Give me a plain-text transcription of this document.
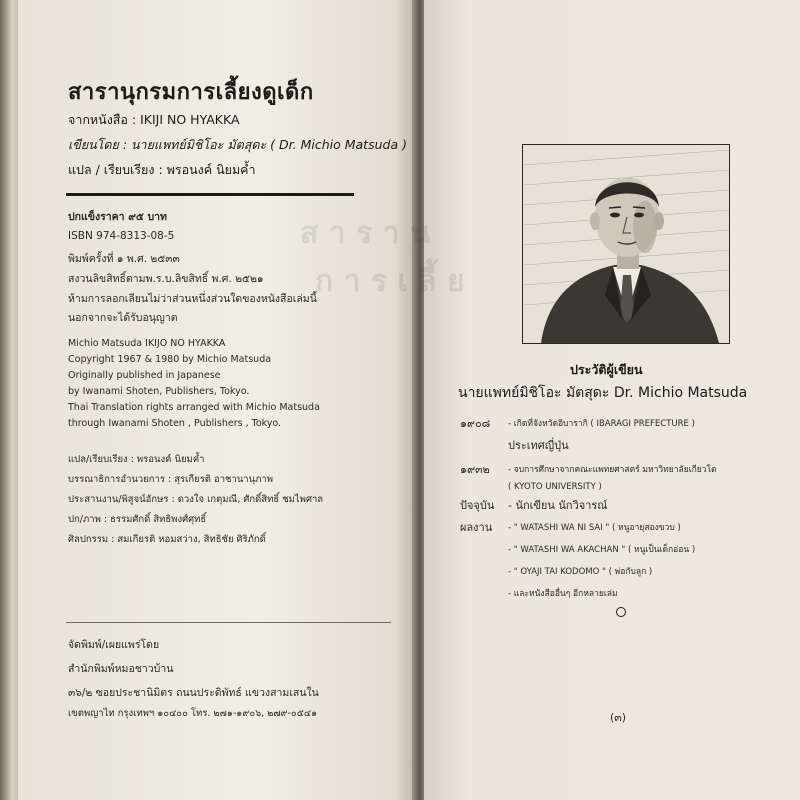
ส า ร า น
ก า ร เ ลี้ ย
สารานุกรมการเลี้ยงดูเด็ก
จากหนังสือ : IKIJI NO HYAKKA
เขียนโดย : นายแพทย์มิชิโอะ มัตสุดะ ( Dr. Michio Matsuda )
แปล / เรียบเรียง : พรอนงค์ นิยมค้ำ
ปกแข็งราคา ๙๕ บาท
ISBN 974-8313-08-5
พิมพ์ครั้งที่ ๑ พ.ศ. ๒๕๓๓
สงวนลิขสิทธิ์ตามพ.ร.บ.ลิขสิทธิ์ พ.ศ. ๒๕๒๑
ห้ามการลอกเลียนไม่ว่าส่วนหนึ่งส่วนใดของหนังสือเล่มนี้
นอกจากจะได้รับอนุญาต
Michio Matsuda IKIJO NO HYAKKA
Copyright 1967 & 1980 by Michio Matsuda
Originally published in Japanese
by Iwanami Shoten, Publishers, Tokyo.
Thai Translation rights arranged with Michio Matsuda
through Iwanami Shoten , Publishers , Tokyo.
แปล/เรียบเรียง : พรอนงค์ นิยมค้ำ
บรรณาธิการอำนวยการ : สุรเกียรติ อาชานานุภาพ
ประสานงาน/พิสูจน์อักษร : ดวงใจ เกตุมณี, ศักดิ์สิทธิ์ ชมไพศาล
ปก/ภาพ : ธรรมศักดิ์ สิทธิพงศ์ศุทธิ์
ศิลปกรรม : สมเกียรติ หอมสว่าง, สิทธิชัย ศิริภักดิ์
จัดพิมพ์/เผยแพร่โดย
สำนักพิมพ์หมอชาวบ้าน
๓๖/๒ ซอยประชานิมิตร ถนนประดิพัทธ์ แขวงสามเสนใน
เขตพญาไท กรุงเทพฯ ๑๐๔๐๐ โทร. ๒๗๑-๑๙๐๖, ๒๗๙-๐๕๔๑
ประวัติผู้เขียน
นายแพทย์มิชิโอะ มัตสุดะ Dr. Michio Matsuda
๑๙๐๘ - เกิดที่จังหวัดอิบารากิ ( IBARAGI PREFECTURE )
ประเทศญี่ปุ่น
๑๙๓๒ - จบการศึกษาจากคณะแพทยศาสตร์ มหาวิทยาลัยเกียวโต
( KYOTO UNIVERSITY )
ปัจจุบัน - นักเขียน นักวิจารณ์
ผลงาน - " WATASHI WA NI SAI " ( หนูอายุสองขวบ )
- " WATASHI WA AKACHAN " ( หนูเป็นเด็กอ่อน )
- " OYAJI TAI KODOMO " ( พ่อกับลูก )
- และหนังสืออื่นๆ อีกหลายเล่ม
(๓)
